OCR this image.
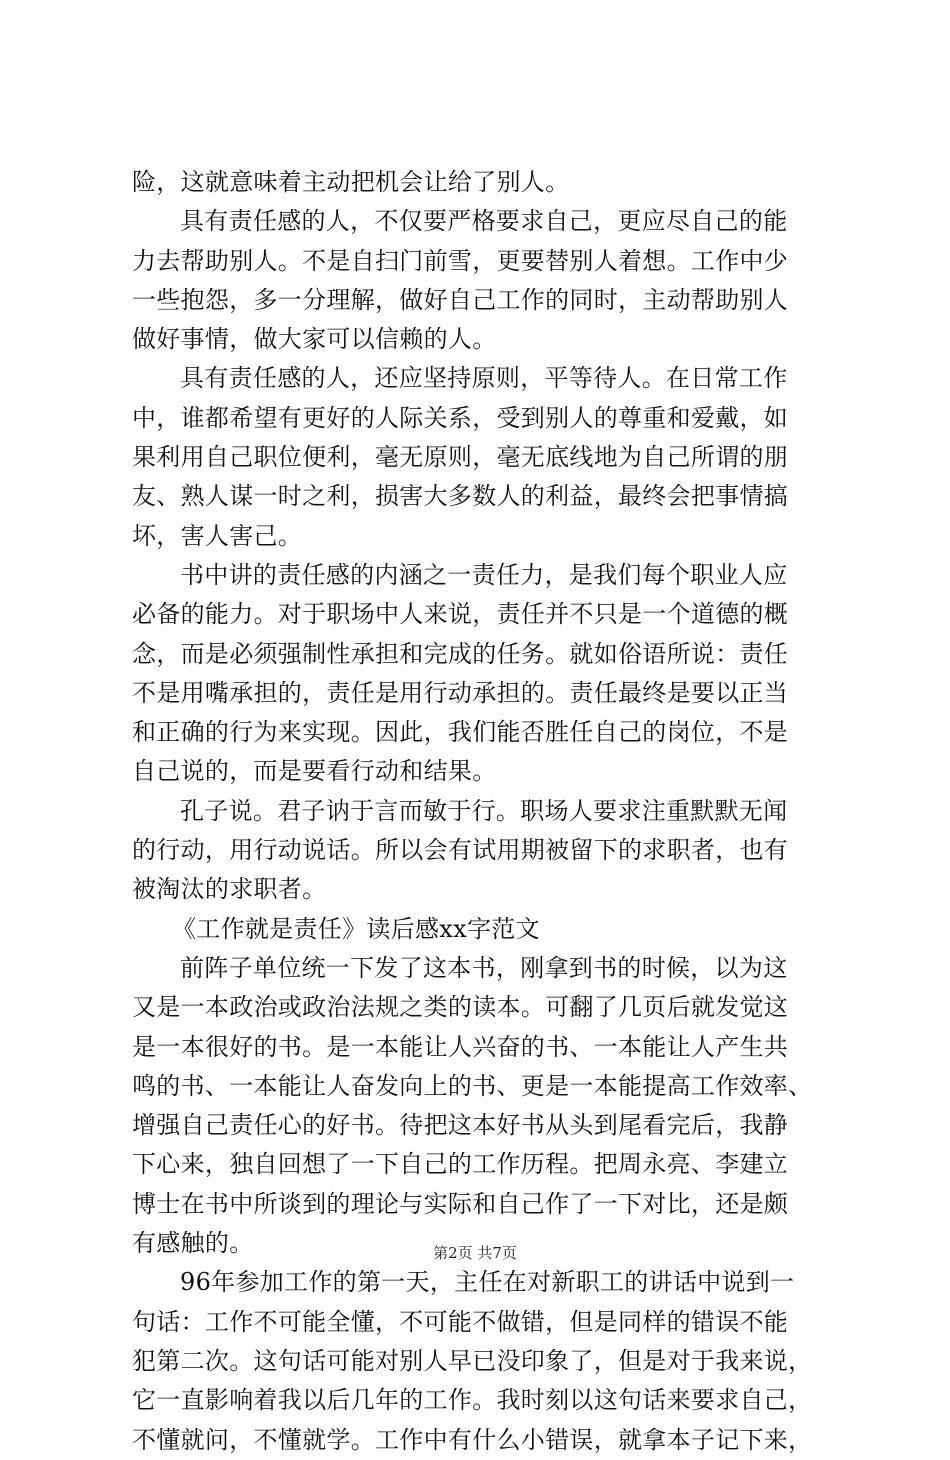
险，这就意味着主动把机会让给了别人。
具有责任感的人，不仅要严格要求自己，更应尽自己的能
力去帮助别人。不是自扫门前雪，更要替别人着想。工作中少
一些抱怨，多一分理解，做好自己工作的同时，主动帮助别人
做好事情，做大家可以信赖的人。
具有责任感的人，还应坚持原则，平等待人。在日常工作
中，谁都希望有更好的人际关系，受到别人的尊重和爱戴，如
果利用自己职位便利，毫无原则，毫无底线地为自己所谓的朋
友、熟人谋一时之利，损害大多数人的利益，最终会把事情搞
坏，害人害己。
书中讲的责任感的内涵之一责任力，是我们每个职业人应
必备的能力。对于职场中人来说，责任并不只是一个道德的概
念，而是必须强制性承担和完成的任务。就如俗语所说：责任
不是用嘴承担的，责任是用行动承担的。责任最终是要以正当
和正确的行为来实现。因此，我们能否胜任自己的岗位，不是
自己说的，而是要看行动和结果。
孔子说。君子讷于言而敏于行。职场人要求注重默默无闻
的行动，用行动说话。所以会有试用期被留下的求职者，也有
被淘汰的求职者。
《工作就是责任》读后感xx字范文
前阵子单位统一下发了这本书，刚拿到书的时候，以为这
又是一本政治或政治法规之类的读本。可翻了几页后就发觉这
是一本很好的书。是一本能让人兴奋的书、一本能让人产生共
鸣的书、一本能让人奋发向上的书、更是一本能提高工作效率、
增强自己责任心的好书。待把这本好书从头到尾看完后，我静
下心来，独自回想了一下自己的工作历程。把周永亮、李建立
博士在书中所谈到的理论与实际和自己作了一下对比，还是颇
有感触的。
96年参加工作的第一天，主任在对新职工的讲话中说到一
句话：工作不可能全懂，不可能不做错，但是同样的错误不能
犯第二次。这句话可能对别人早已没印象了，但是对于我来说，
它一直影响着我以后几年的工作。我时刻以这句话来要求自己，
不懂就问，不懂就学。工作中有什么小错误，就拿本子记下来，
第2页 共7页
